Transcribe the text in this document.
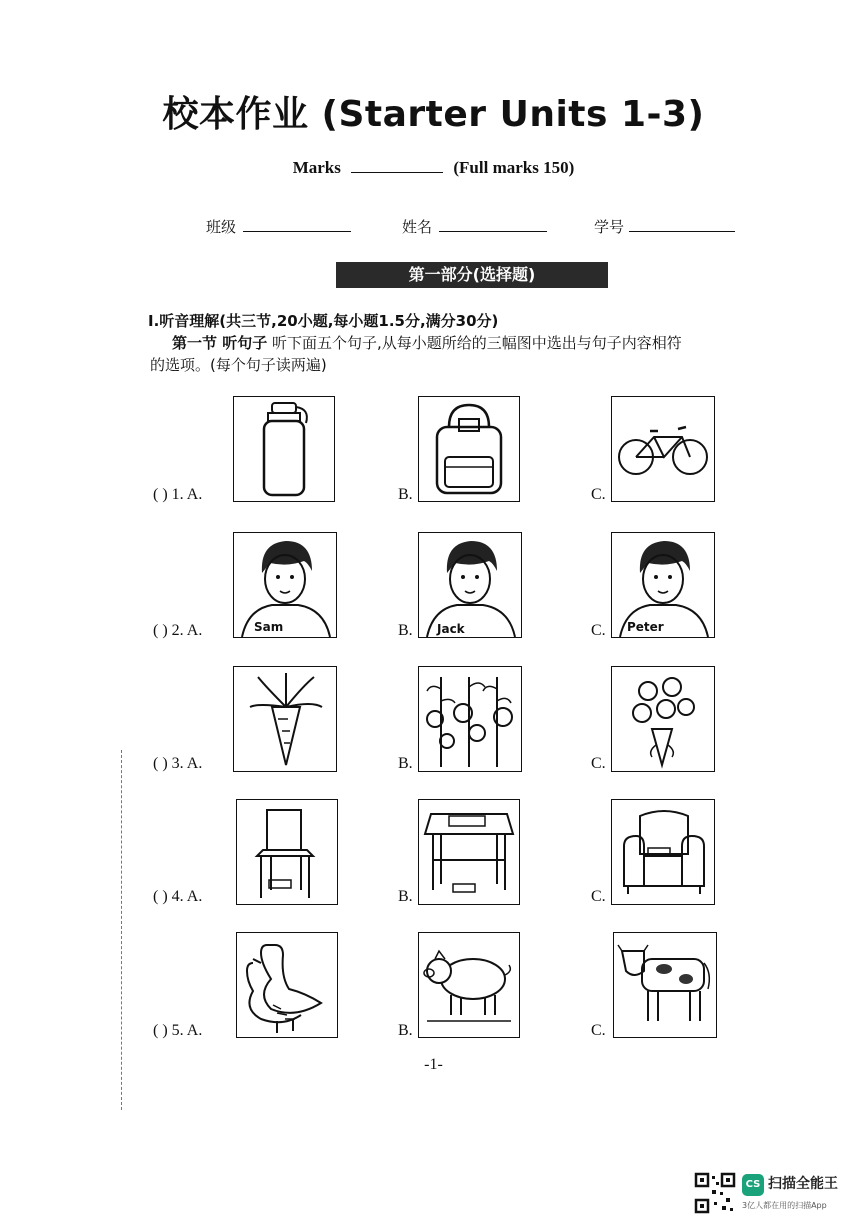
校本作业 (Starter Units 1-3)
Marks	(Full marks 150)
班级	姓名	学号
第一部分(选择题)
Ⅰ.听音理解(共三节,20小题,每小题1.5分,满分30分)
第一节 听句子 听下面五个句子,从每小题所给的三幅图中选出与句子内容相符
的选项。(每个句子读两遍)
( ) 1. A.	B.	C.
( ) 2. A.	Sam	B. Jack	C. Peter
( ) 3. A.	B.	C.
( ) 4. A.	B.	C.
( ) 5. A.	B.	C.
-1-
CS 扫描全能王
3亿人都在用的扫描App
